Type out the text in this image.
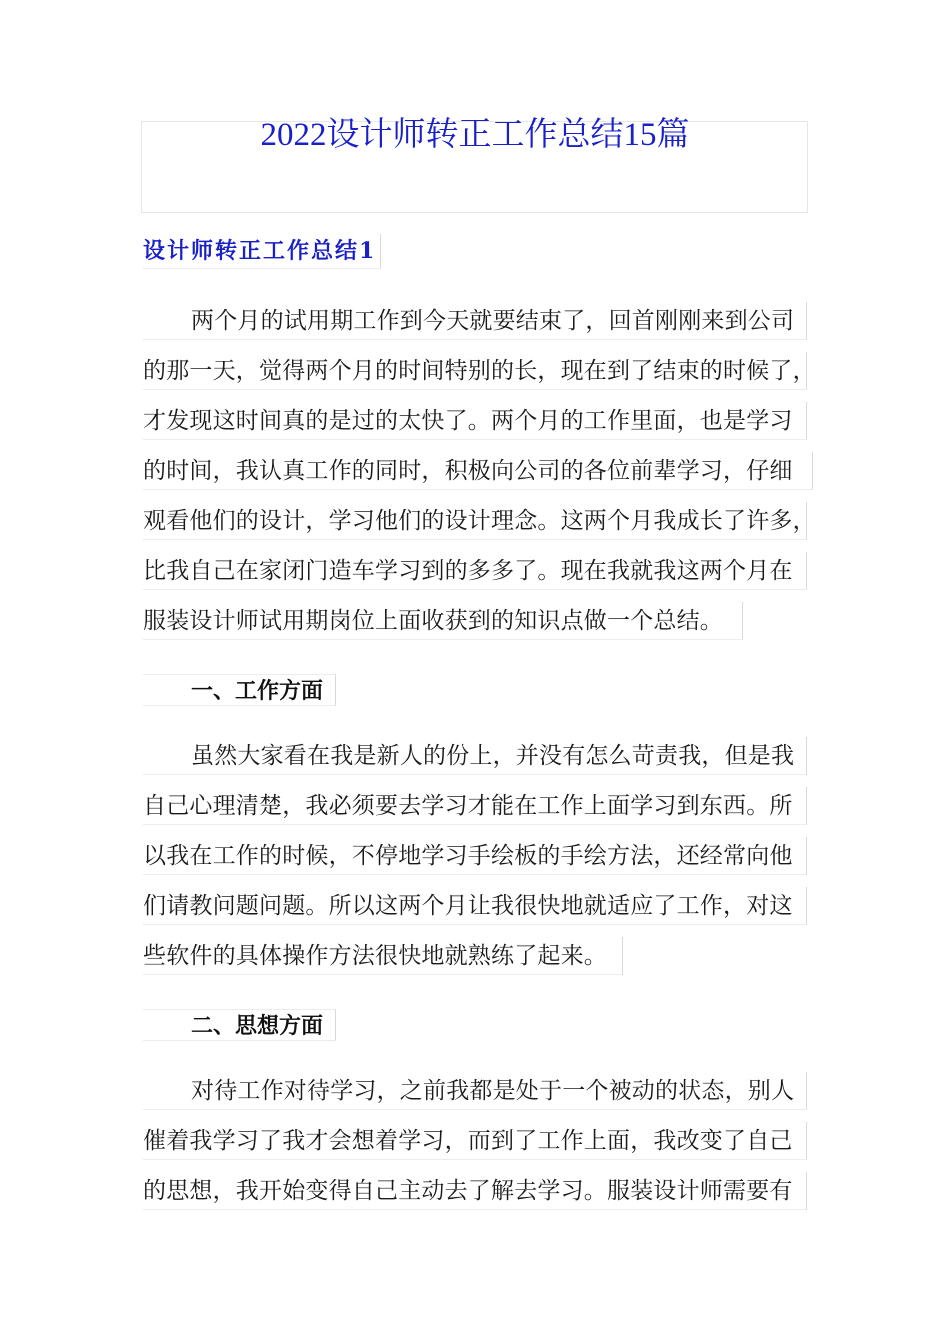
2022设计师转正工作总结15篇
设计师转正工作总结1
两个月的试用期工作到今天就要结束了，回首刚刚来到公司
的那一天，觉得两个月的时间特别的长，现在到了结束的时候了，
才发现这时间真的是过的太快了。两个月的工作里面，也是学习
的时间，我认真工作的同时，积极向公司的各位前辈学习，仔细
观看他们的设计，学习他们的设计理念。这两个月我成长了许多，
比我自己在家闭门造车学习到的多多了。现在我就我这两个月在
服装设计师试用期岗位上面收获到的知识点做一个总结。
一、工作方面
虽然大家看在我是新人的份上，并没有怎么苛责我，但是我
自己心理清楚，我必须要去学习才能在工作上面学习到东西。所
以我在工作的时候，不停地学习手绘板的手绘方法，还经常向他
们请教问题问题。所以这两个月让我很快地就适应了工作，对这
些软件的具体操作方法很快地就熟练了起来。
二、思想方面
对待工作对待学习，之前我都是处于一个被动的状态，别人
催着我学习了我才会想着学习，而到了工作上面，我改变了自己
的思想，我开始变得自己主动去了解去学习。服装设计师需要有
